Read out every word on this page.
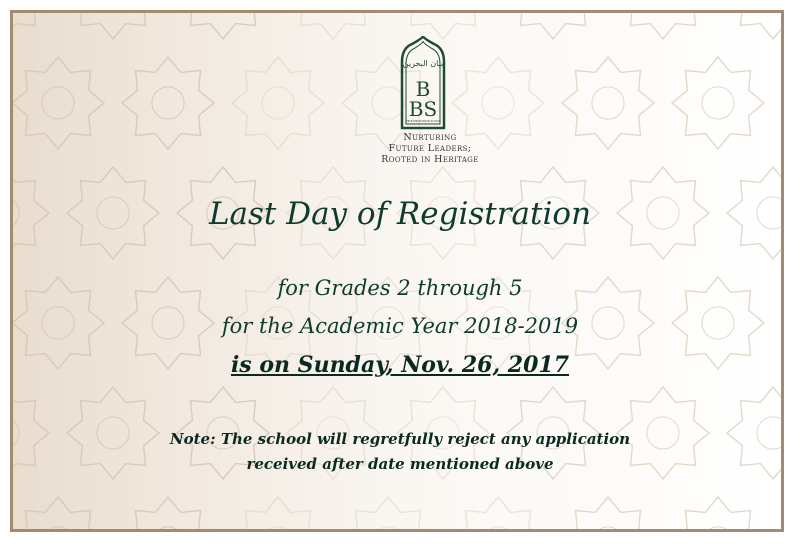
بيان البحرين
B
BS
THE BAHRAIN BAYAN SCHOOL
Nurturing
Future Leaders;
Rooted in Heritage
Last Day of Registration
for Grades 2 through 5
for the Academic Year 2018-2019
is on Sunday, Nov. 26, 2017
Note: The school will regretfully reject any application
received after date mentioned above
